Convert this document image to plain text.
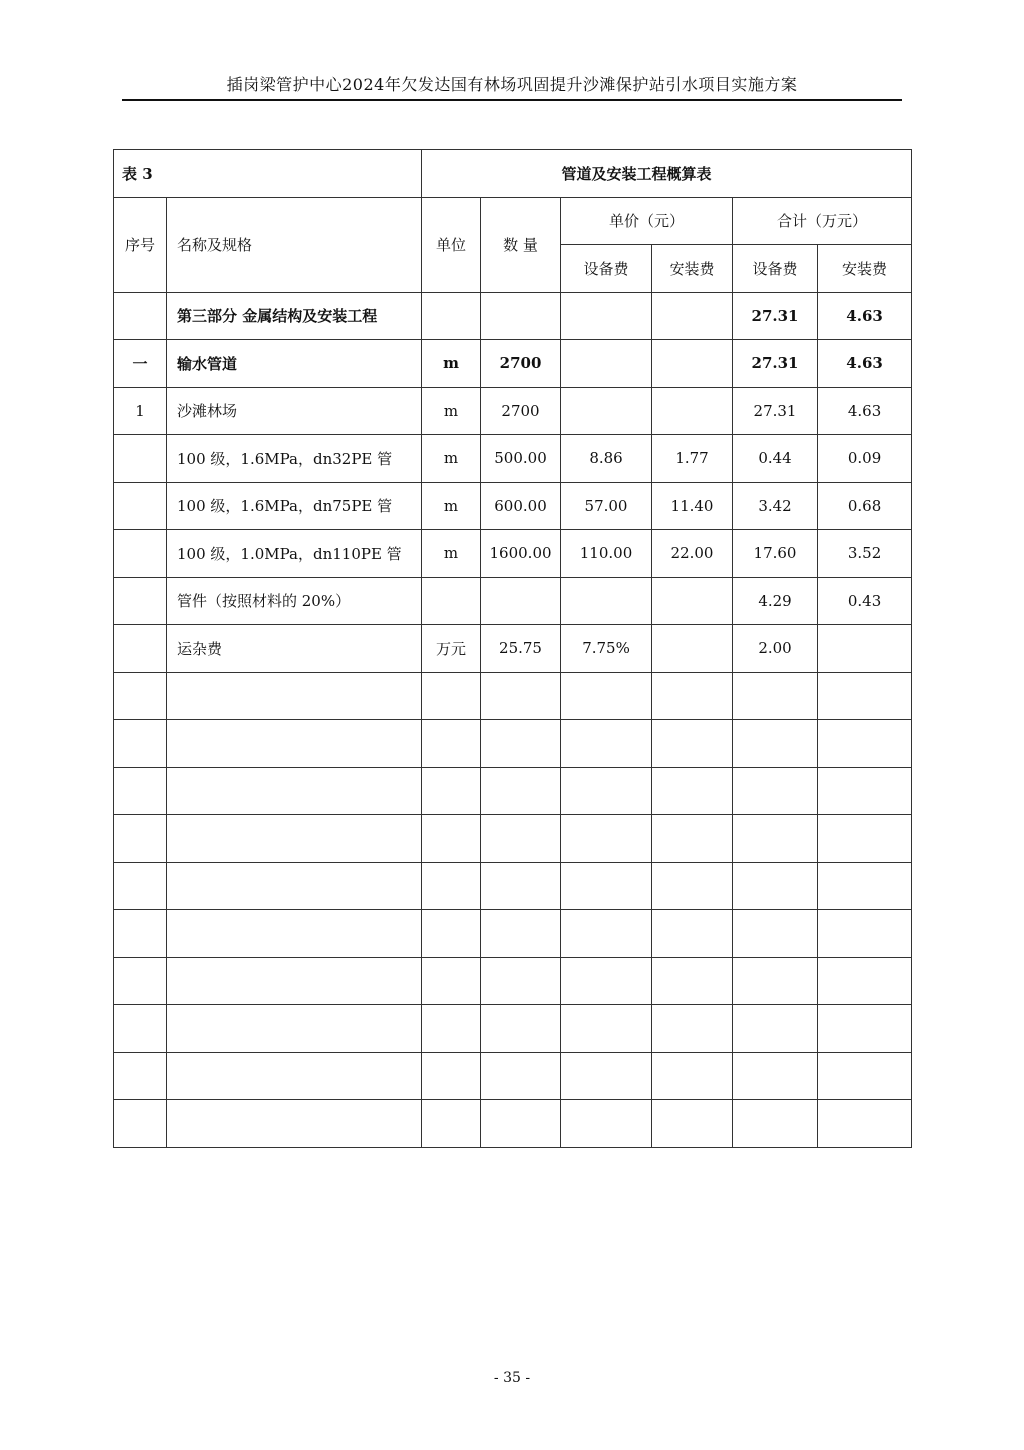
插岗梁管护中心2024年欠发达国有林场巩固提升沙滩保护站引水项目实施方案
表 3		管道及安装工程概算表					
序号	名称及规格	单位	数 量	单价（元）		合计（万元）	
				设备费	安装费	设备费	安装费
	第三部分 金属结构及安装工程					27.31	4.63
一	输水管道	m	2700			27.31	4.63
1	沙滩林场	m	2700			27.31	4.63
	100 级，1.6MPa，dn32PE 管	m	500.00	8.86	1.77	0.44	0.09
	100 级，1.6MPa，dn75PE 管	m	600.00	57.00	11.40	3.42	0.68
	100 级，1.0MPa，dn110PE 管	m	1600.00	110.00	22.00	17.60	3.52
	管件（按照材料的 20%）					4.29	0.43
	运杂费	万元	25.75	7.75%		2.00	

- 35 -
